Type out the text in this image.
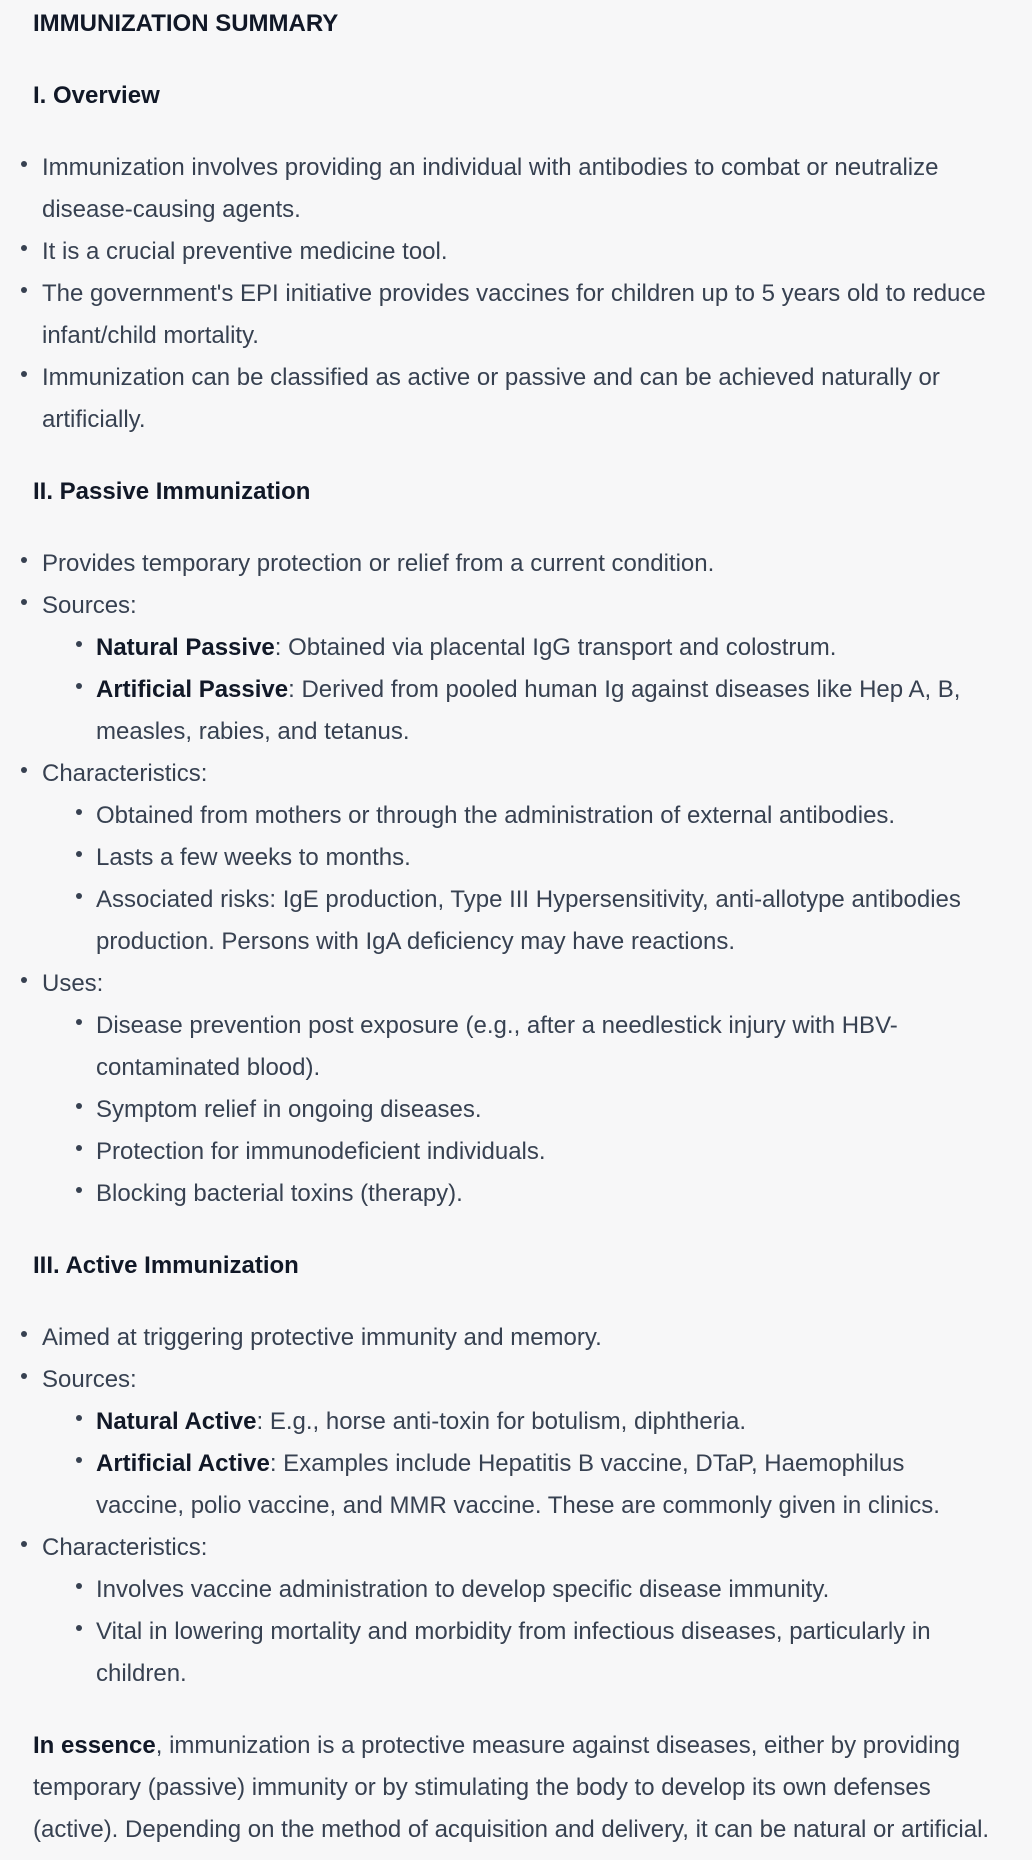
IMMUNIZATION SUMMARY
I. Overview
Immunization involves providing an individual with antibodies to combat or neutralize disease-causing agents.
It is a crucial preventive medicine tool.
The government's EPI initiative provides vaccines for children up to 5 years old to reduce infant/child mortality.
Immunization can be classified as active or passive and can be achieved naturally or artificially.
II. Passive Immunization
Provides temporary protection or relief from a current condition.
Sources:
Natural Passive: Obtained via placental IgG transport and colostrum.
Artificial Passive: Derived from pooled human Ig against diseases like Hep A, B, measles, rabies, and tetanus.
Characteristics:
Obtained from mothers or through the administration of external antibodies.
Lasts a few weeks to months.
Associated risks: IgE production, Type III Hypersensitivity, anti-allotype antibodies production. Persons with IgA deficiency may have reactions.
Uses:
Disease prevention post exposure (e.g., after a needlestick injury with HBV-contaminated blood).
Symptom relief in ongoing diseases.
Protection for immunodeficient individuals.
Blocking bacterial toxins (therapy).
III. Active Immunization
Aimed at triggering protective immunity and memory.
Sources:
Natural Active: E.g., horse anti-toxin for botulism, diphtheria.
Artificial Active: Examples include Hepatitis B vaccine, DTaP, Haemophilus vaccine, polio vaccine, and MMR vaccine. These are commonly given in clinics.
Characteristics:
Involves vaccine administration to develop specific disease immunity.
Vital in lowering mortality and morbidity from infectious diseases, particularly in children.

In essence, immunization is a protective measure against diseases, either by providing temporary (passive) immunity or by stimulating the body to develop its own defenses (active). Depending on the method of acquisition and delivery, it can be natural or artificial.
